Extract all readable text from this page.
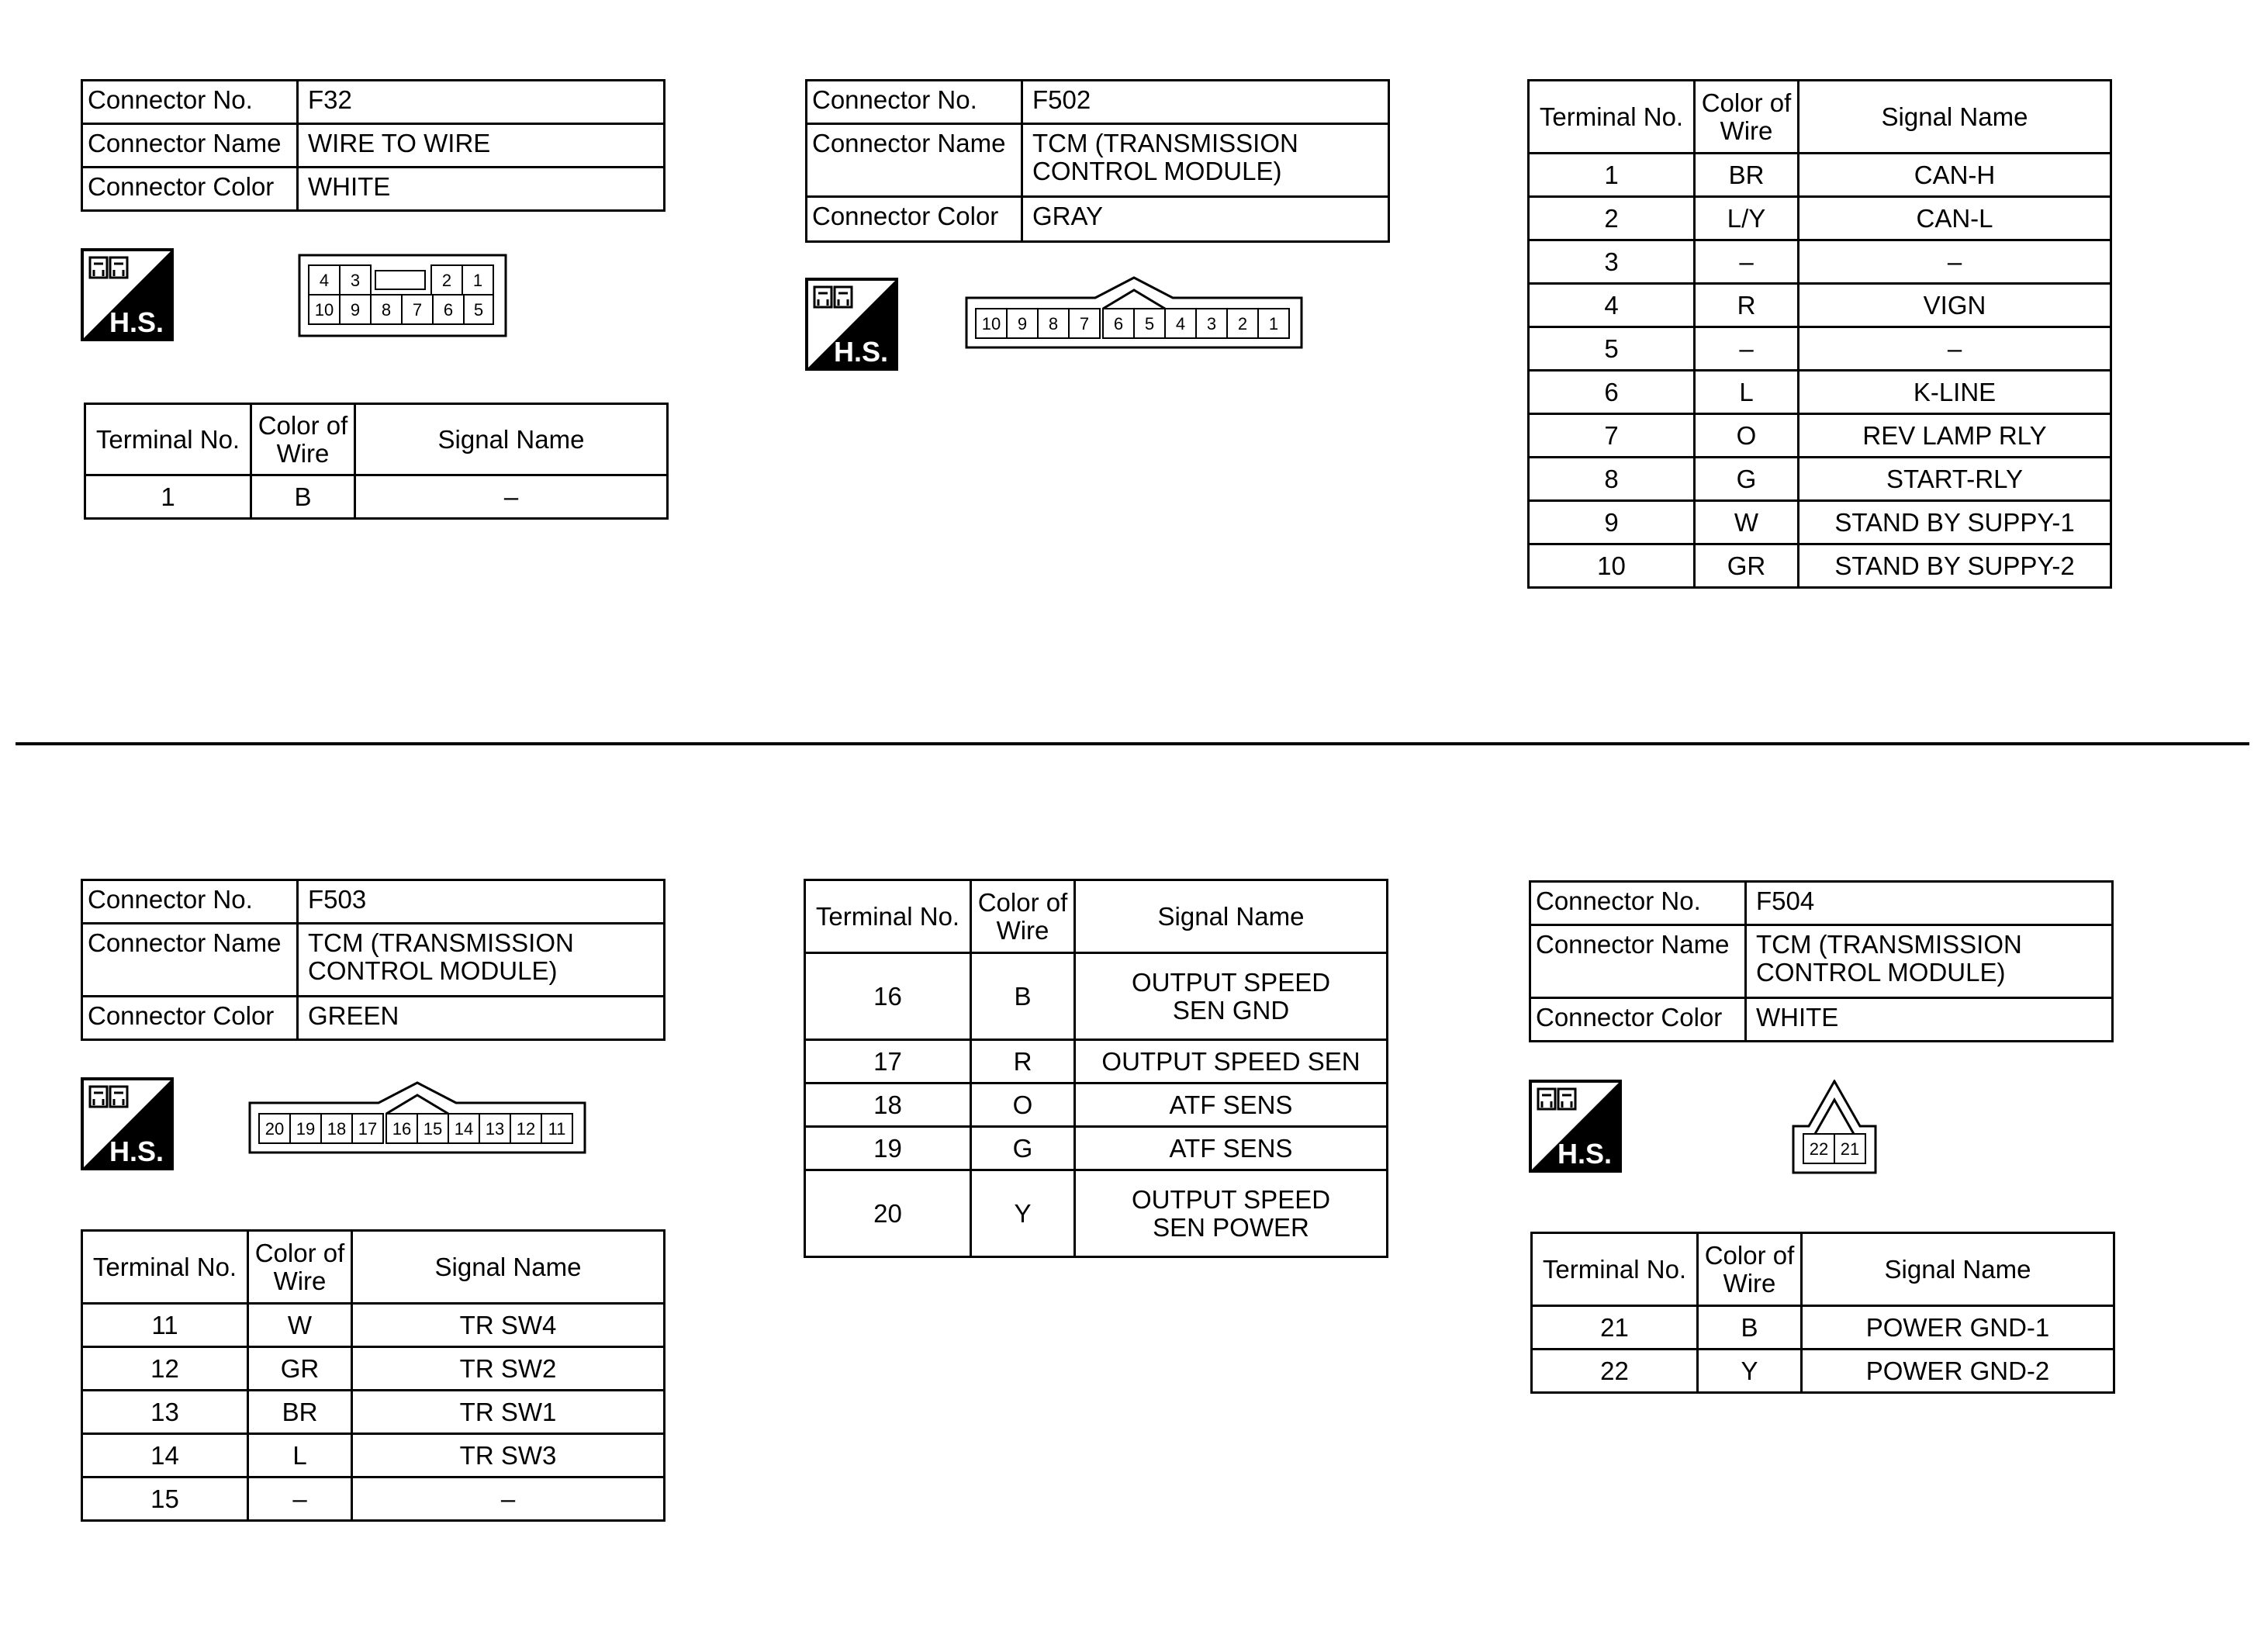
Connector No.	F32
Connector Name	WIRE TO WIRE
Connector Color	WHITE
H.S.
4 3	2 1
10 9 8 7 6 5
Terminal No.	Color of Wire	Signal Name
1	B	–
Connector No.	F502
Connector Name	TCM (TRANSMISSION CONTROL MODULE)
Connector Color	GRAY
H.S.
10 9 8 7 6 5 4 3 2 1
Terminal No.	Color of Wire	Signal Name
1	BR	CAN-H
2	L/Y	CAN-L
3	–	–
4	R	VIGN
5	–	–
6	L	K-LINE
7	O	REV LAMP RLY
8	G	START-RLY
9	W	STAND BY SUPPY-1
10	GR	STAND BY SUPPY-2
Connector No.	F503
Connector Name	TCM (TRANSMISSION CONTROL MODULE)
Connector Color	GREEN
H.S.
20 19 18 17 16 15 14 13 12 11
Terminal No.	Color of Wire	Signal Name
11	W	TR SW4
12	GR	TR SW2
13	BR	TR SW1
14	L	TR SW3
15	–	–
Terminal No.	Color of Wire	Signal Name
16	B	OUTPUT SPEED SEN GND
17	R	OUTPUT SPEED SEN
18	O	ATF SENS
19	G	ATF SENS
20	Y	OUTPUT SPEED SEN POWER
Connector No.	F504
Connector Name	TCM (TRANSMISSION CONTROL MODULE)
Connector Color	WHITE
H.S.	22 21
Terminal No.	Color of Wire	Signal Name
21	B	POWER GND-1
22	Y	POWER GND-2
